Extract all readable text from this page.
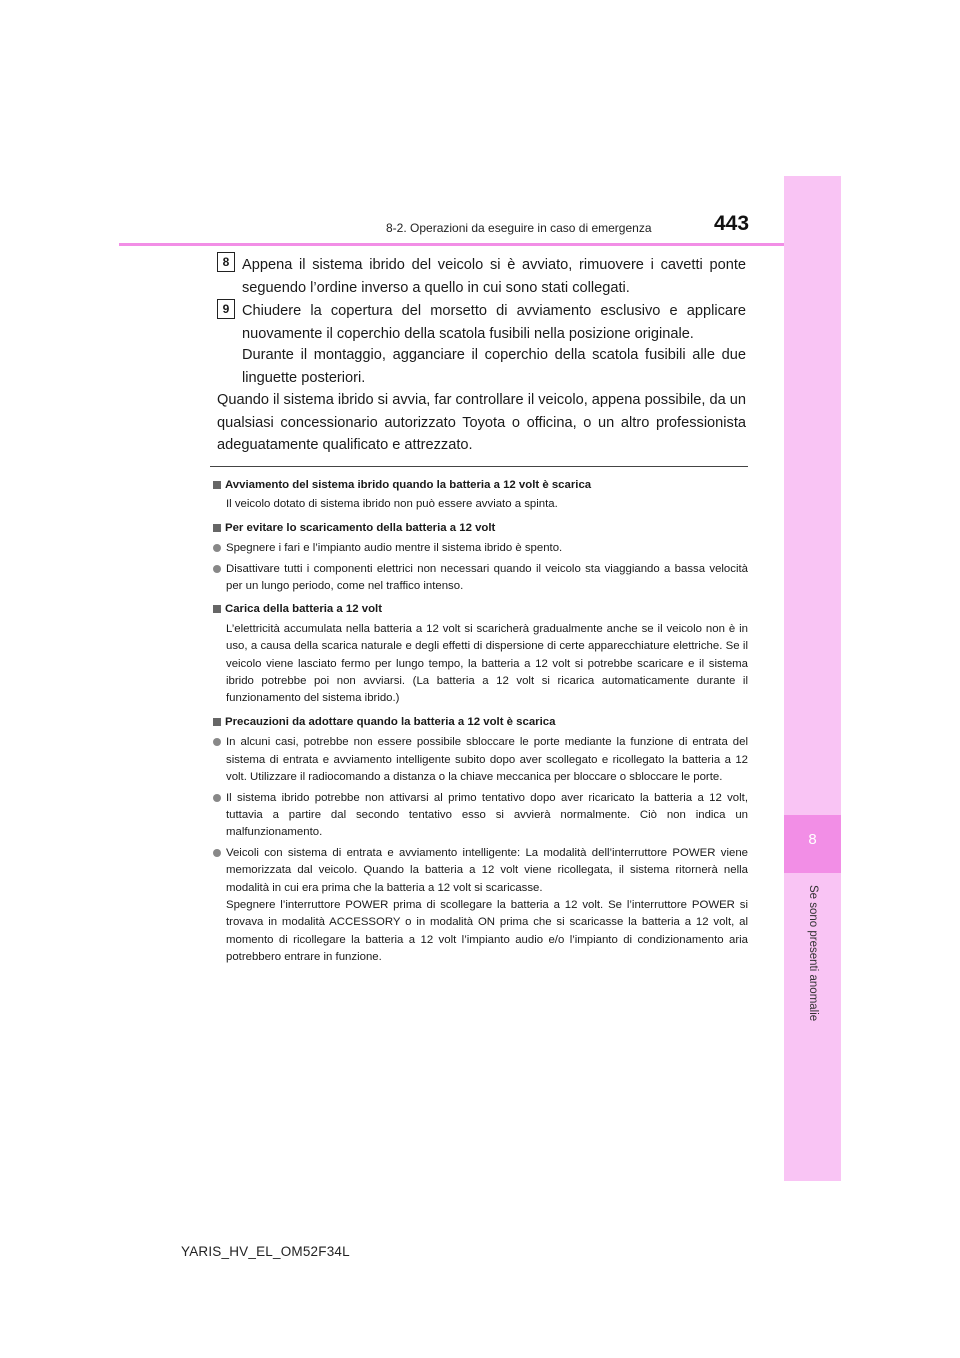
8
Se sono presenti anomalie
8-2. Operazioni da eseguire in caso di emergenza	443
8 Appena il sistema ibrido del veicolo si è avviato, rimuovere i cavetti ponte seguendo l’ordine inverso a quello in cui sono stati collegati.
9 Chiudere la copertura del morsetto di avviamento esclusivo e applicare nuovamente il coperchio della scatola fusibili nella posizione originale.
Durante il montaggio, agganciare il coperchio della scatola fusibili alle due linguette posteriori.
Quando il sistema ibrido si avvia, far controllare il veicolo, appena possibile, da un qualsiasi concessionario autorizzato Toyota o officina, o un altro professionista adeguatamente qualificato e attrezzato.
Avviamento del sistema ibrido quando la batteria a 12 volt è scarica
Il veicolo dotato di sistema ibrido non può essere avviato a spinta.
Per evitare lo scaricamento della batteria a 12 volt
Spegnere i fari e l’impianto audio mentre il sistema ibrido è spento.
Disattivare tutti i componenti elettrici non necessari quando il veicolo sta viaggiando a bassa velocità per un lungo periodo, come nel traffico intenso.
Carica della batteria a 12 volt
L’elettricità accumulata nella batteria a 12 volt si scaricherà gradualmente anche se il veicolo non è in uso, a causa della scarica naturale e degli effetti di dispersione di certe apparecchiature elettriche. Se il veicolo viene lasciato fermo per lungo tempo, la batteria a 12 volt si potrebbe scaricare e il sistema ibrido potrebbe poi non avviarsi. (La batteria a 12 volt si ricarica automaticamente durante il funzionamento del sistema ibrido.)
Precauzioni da adottare quando la batteria a 12 volt è scarica
In alcuni casi, potrebbe non essere possibile sbloccare le porte mediante la funzione di entrata del sistema di entrata e avviamento intelligente subito dopo aver scollegato e ricollegato la batteria a 12 volt. Utilizzare il radiocomando a distanza o la chiave meccanica per bloccare o sbloccare le porte.
Il sistema ibrido potrebbe non attivarsi al primo tentativo dopo aver ricaricato la batteria a 12 volt, tuttavia a partire dal secondo tentativo esso si avvierà normalmente. Ciò non indica un malfunzionamento.
Veicoli con sistema di entrata e avviamento intelligente: La modalità dell’interruttore POWER viene memorizzata dal veicolo. Quando la batteria a 12 volt viene ricollegata, il sistema ritornerà nella modalità in cui era prima che la batteria a 12 volt si scaricasse.
Spegnere l’interruttore POWER prima di scollegare la batteria a 12 volt. Se l’interruttore POWER si trovava in modalità ACCESSORY o in modalità ON prima che si scaricasse la batteria a 12 volt, al momento di ricollegare la batteria a 12 volt l’impianto audio e/o l’impianto di condizionamento aria potrebbero entrare in funzione.
YARIS_HV_EL_OM52F34L
